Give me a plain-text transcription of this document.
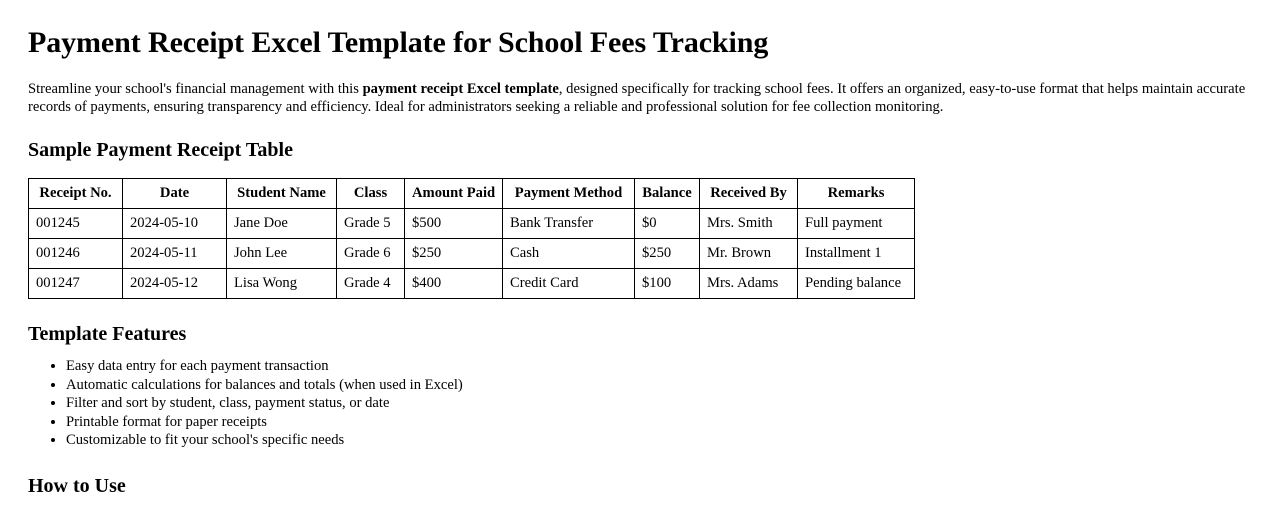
Payment Receipt Excel Template for School Fees Tracking

Streamline your school's financial management with this payment receipt Excel template, designed specifically for tracking school fees. It offers an organized, easy-to-use format that helps maintain accurate records of payments, ensuring transparency and efficiency. Ideal for administrators seeking a reliable and professional solution for fee collection monitoring.

Sample Payment Receipt Table
Receipt No.	Date	Student Name	Class	Amount Paid	Payment Method	Balance	Received By	Remarks
001245	2024-05-10	Jane Doe	Grade 5	$500	Bank Transfer	$0	Mrs. Smith	Full payment
001246	2024-05-11	John Lee	Grade 6	$250	Cash	$250	Mr. Brown	Installment 1
001247	2024-05-12	Lisa Wong	Grade 4	$400	Credit Card	$100	Mrs. Adams	Pending balance
Template Features
• Easy data entry for each payment transaction
• Automatic calculations for balances and totals (when used in Excel)
• Filter and sort by student, class, payment status, or date
• Printable format for paper receipts
• Customizable to fit your school's specific needs
How to Use
